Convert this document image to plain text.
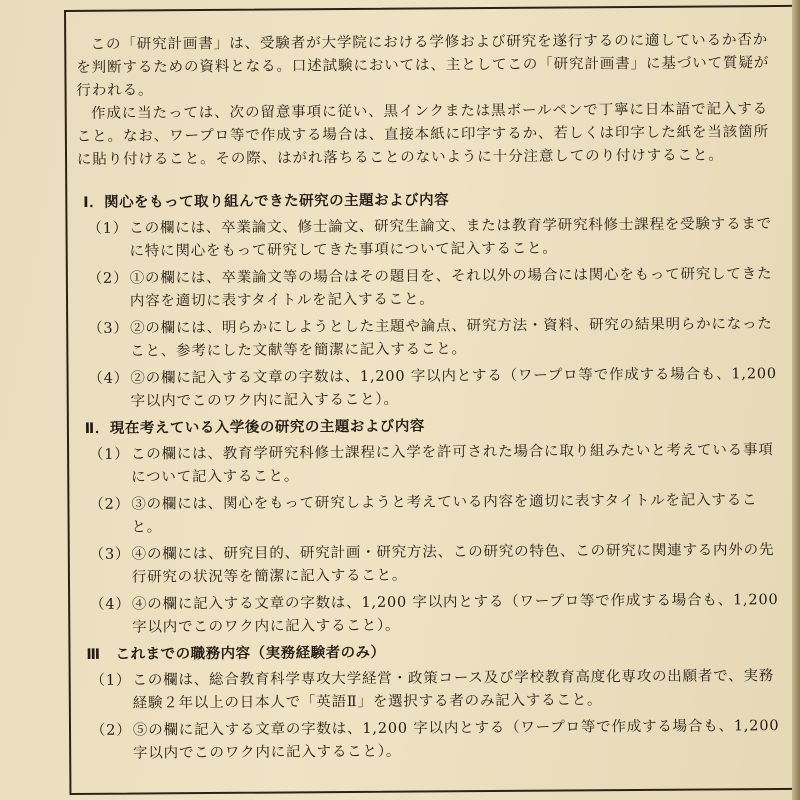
この「研究計画書」は、受験者が大学院における学修および研究を遂行するのに適しているか否かを判断するための資料となる。口述試験においては、主としてこの「研究計画書」に基づいて質疑が行われる。

作成に当たっては、次の留意事項に従い、黒インクまたは黒ボールペンで丁寧に日本語で記入すること。なお、ワープロ等で作成する場合は、直接本紙に印字するか、若しくは印字した紙を当該箇所に貼り付けること。その際、はがれ落ちることのないように十分注意してのり付けすること。

Ⅰ．関心をもって取り組んできた研究の主題および内容
（1） この欄には、卒業論文、修士論文、研究生論文、または教育学研究科修士課程を受験するまでに特に関心をもって研究してきた事項について記入すること。
（2） ①の欄には、卒業論文等の場合はその題目を、それ以外の場合には関心をもって研究してきた内容を適切に表すタイトルを記入すること。
（3） ②の欄には、明らかにしようとした主題や論点、研究方法・資料、研究の結果明らかになったこと、参考にした文献等を簡潔に記入すること。
（4） ②の欄に記入する文章の字数は、1,200 字以内とする（ワープロ等で作成する場合も、1,200字以内でこのワク内に記入すること）。
Ⅱ．現在考えている入学後の研究の主題および内容
（1） この欄には、教育学研究科修士課程に入学を許可された場合に取り組みたいと考えている事項について記入すること。
（2） ③の欄には、関心をもって研究しようと考えている内容を適切に表すタイトルを記入すること。
（3） ④の欄には、研究目的、研究計画・研究方法、この研究の特色、この研究に関連する内外の先行研究の状況等を簡潔に記入すること。
（4） ④の欄に記入する文章の字数は、1,200 字以内とする（ワープロ等で作成する場合も、1,200字以内でこのワク内に記入すること）。
Ⅲ　これまでの職務内容（実務経験者のみ）
（1） この欄は、総合教育科学専攻大学経営・政策コース及び学校教育高度化専攻の出願者で、実務経験２年以上の日本人で「英語Ⅱ」を選択する者のみ記入すること。
（2） ⑤の欄に記入する文章の字数は、1,200 字以内とする（ワープロ等で作成する場合も、1,200字以内でこのワク内に記入すること）。
